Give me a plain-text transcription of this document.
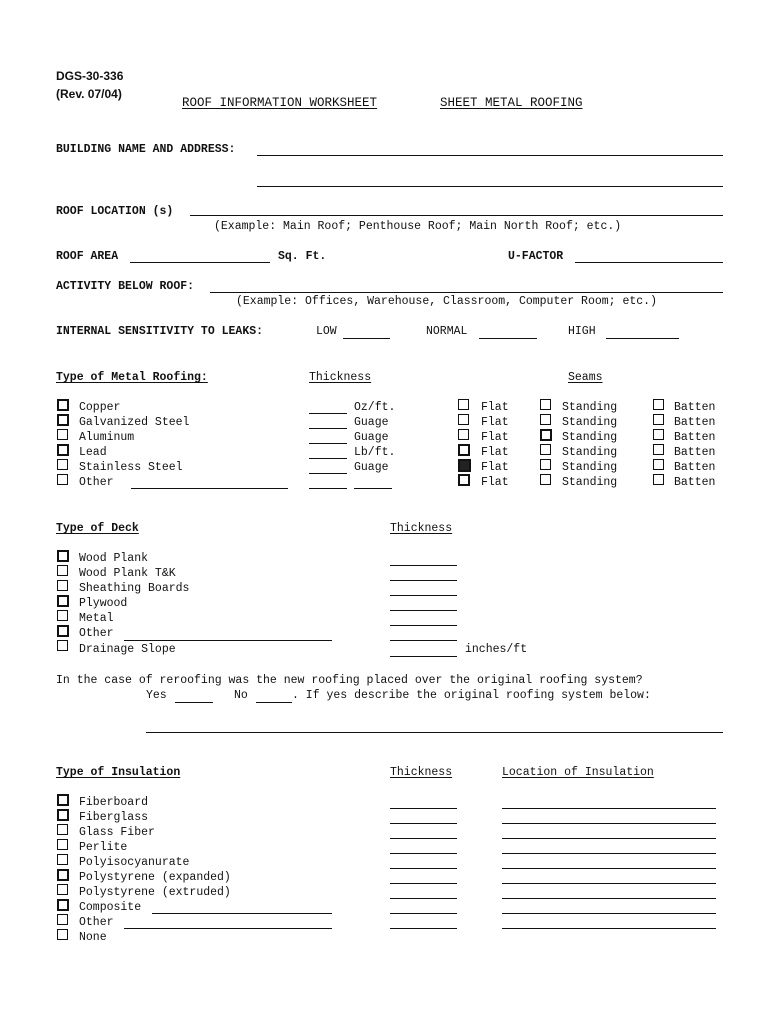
DGS-30-336
(Rev. 07/04)
ROOF INFORMATION WORKSHEET	SHEET METAL ROOFING
BUILDING NAME AND ADDRESS:
ROOF LOCATION (s)
(Example: Main Roof; Penthouse Roof; Main North Roof; etc.)
ROOF AREA	Sq. Ft.	U-FACTOR
ACTIVITY BELOW ROOF:
(Example: Offices, Warehouse, Classroom, Computer Room; etc.)
INTERNAL SENSITIVITY TO LEAKS:	LOW	NORMAL	HIGH
Type of Metal Roofing:	Thickness	Seams
Copper	Oz/ft.	Flat	Standing	Batten
Galvanized Steel	Guage	Flat	Standing	Batten
Aluminum	Guage	Flat	Standing	Batten
Lead	Lb/ft.	Flat	Standing	Batten
Stainless Steel	Guage	Flat	Standing	Batten
Other	Flat	Standing	Batten
Type of Deck	Thickness
Wood Plank
Wood Plank T&K
Sheathing Boards
Plywood
Metal
Other
Drainage Slope	inches/ft
In the case of reroofing was the new roofing placed over the original roofing system?
Yes	No	. If yes describe the original roofing system below:
Type of Insulation	Thickness	Location of Insulation
Fiberboard
Fiberglass
Glass Fiber
Perlite
Polyisocyanurate
Polystyrene (expanded)
Polystyrene (extruded)
Composite
Other
None
